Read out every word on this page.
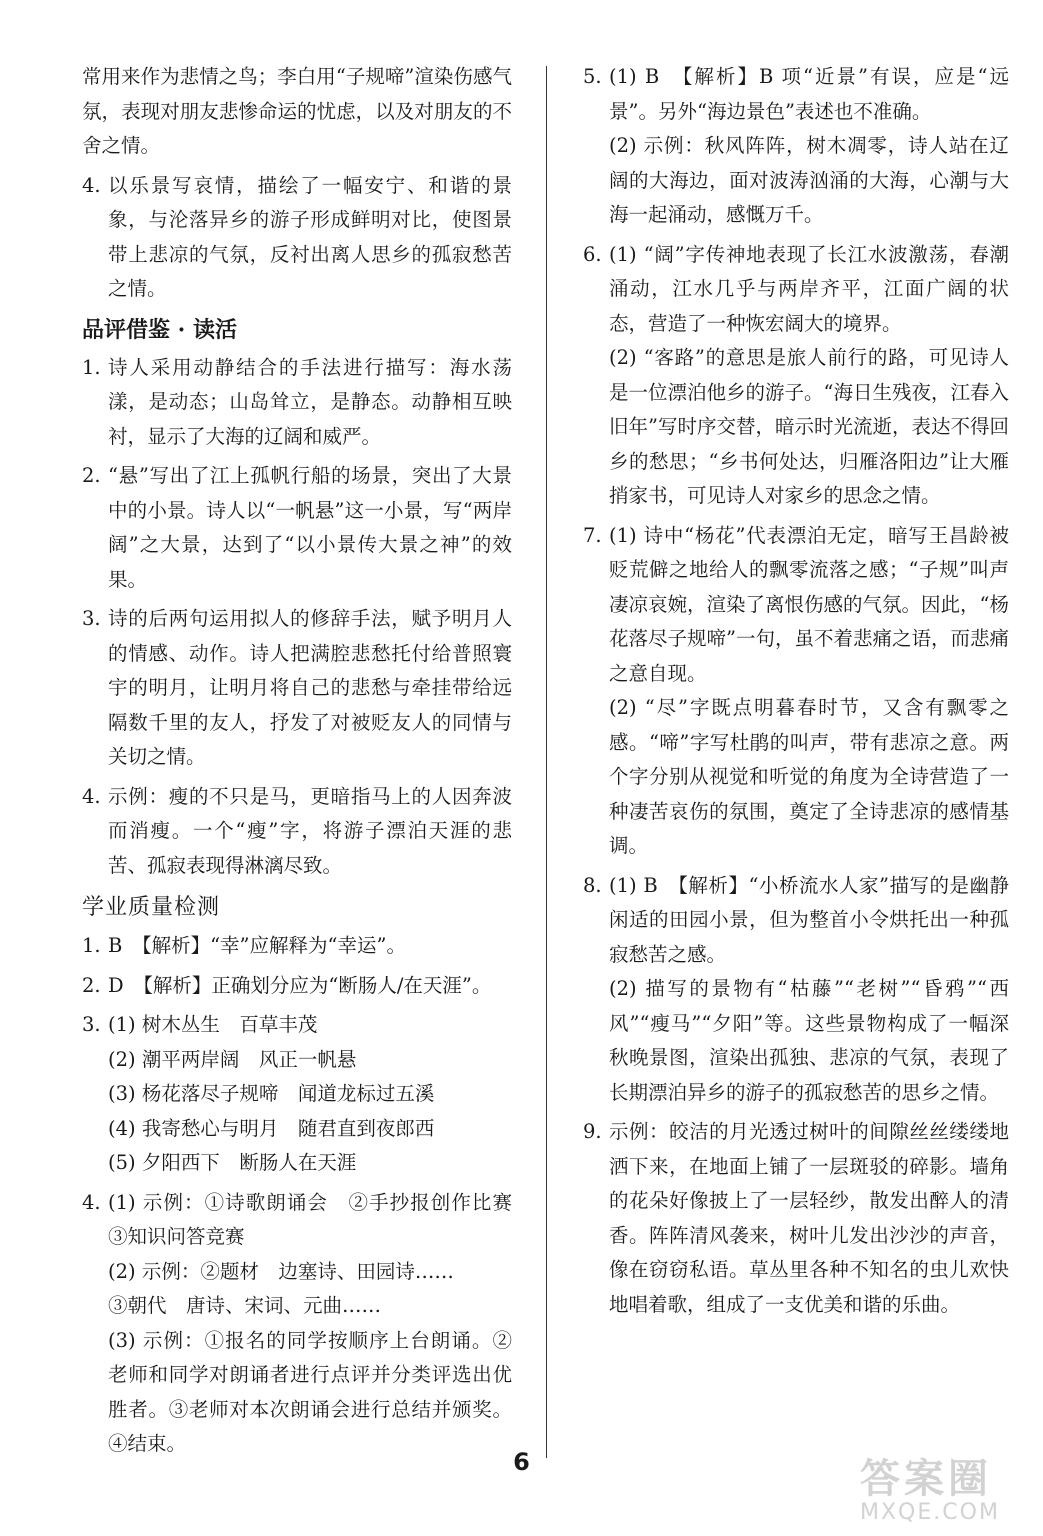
常用来作为悲情之鸟；李白用“子规啼”渲染伤感气氛，表现对朋友悲惨命运的忧虑，以及对朋友的不舍之情。

4. 以乐景写哀情，描绘了一幅安宁、和谐的景象，与沦落异乡的游子形成鲜明对比，使图景带上悲凉的气氛，反衬出离人思乡的孤寂愁苦之情。
品评借鉴 · 读活
1. 诗人采用动静结合的手法进行描写：海水荡漾，是动态；山岛耸立，是静态。动静相互映衬，显示了大海的辽阔和威严。
2. “悬”写出了江上孤帆行船的场景，突出了大景中的小景。诗人以“一帆悬”这一小景，写“两岸阔”之大景，达到了“以小景传大景之神”的效果。
3. 诗的后两句运用拟人的修辞手法，赋予明月人的情感、动作。诗人把满腔悲愁托付给普照寰宇的明月，让明月将自己的悲愁与牵挂带给远隔数千里的友人，抒发了对被贬友人的同情与关切之情。
4. 示例：瘦的不只是马，更暗指马上的人因奔波而消瘦。一个“瘦”字，将游子漂泊天涯的悲苦、孤寂表现得淋漓尽致。
学业质量检测
1. B　【解析】“幸”应解释为“幸运”。
2. D　【解析】正确划分应为“断肠人/在天涯”。
3. (1) 树木丛生　百草丰茂
(2) 潮平两岸阔　风正一帆悬
(3) 杨花落尽子规啼　闻道龙标过五溪
(4) 我寄愁心与明月　随君直到夜郎西
(5) 夕阳西下　断肠人在天涯
4. (1) 示例：①诗歌朗诵会　②手抄报创作比赛　③知识问答竞赛
(2) 示例：②题材　边塞诗、田园诗……
③朝代　唐诗、宋词、元曲……
(3) 示例：①报名的同学按顺序上台朗诵。②老师和同学对朗诵者进行点评并分类评选出优胜者。③老师对本次朗诵会进行总结并颁奖。④结束。
5. (1) B　【解析】B 项“近景”有误，应是“远景”。另外“海边景色”表述也不准确。
(2) 示例：秋风阵阵，树木凋零，诗人站在辽阔的大海边，面对波涛汹涌的大海，心潮与大海一起涌动，感慨万千。
6. (1) “阔”字传神地表现了长江水波激荡，春潮涌动，江水几乎与两岸齐平，江面广阔的状态，营造了一种恢宏阔大的境界。
(2) “客路”的意思是旅人前行的路，可见诗人是一位漂泊他乡的游子。“海日生残夜，江春入旧年”写时序交替，暗示时光流逝，表达不得回乡的愁思；“乡书何处达，归雁洛阳边”让大雁捎家书，可见诗人对家乡的思念之情。
7. (1) 诗中“杨花”代表漂泊无定，暗写王昌龄被贬荒僻之地给人的飘零流落之感；“子规”叫声凄凉哀婉，渲染了离恨伤感的气氛。因此，“杨花落尽子规啼”一句，虽不着悲痛之语，而悲痛之意自现。
(2) “尽”字既点明暮春时节，又含有飘零之感。“啼”字写杜鹃的叫声，带有悲凉之意。两个字分别从视觉和听觉的角度为全诗营造了一种凄苦哀伤的氛围，奠定了全诗悲凉的感情基调。
8. (1) B　【解析】“小桥流水人家”描写的是幽静闲适的田园小景，但为整首小令烘托出一种孤寂愁苦之感。
(2) 描写的景物有“枯藤”“老树”“昏鸦”“西风”“瘦马”“夕阳”等。这些景物构成了一幅深秋晚景图，渲染出孤独、悲凉的气氛，表现了长期漂泊异乡的游子的孤寂愁苦的思乡之情。
9. 示例：皎洁的月光透过树叶的间隙丝丝缕缕地洒下来，在地面上铺了一层斑驳的碎影。墙角的花朵好像披上了一层轻纱，散发出醉人的清香。阵阵清风袭来，树叶儿发出沙沙的声音，像在窃窃私语。草丛里各种不知名的虫儿欢快地唱着歌，组成了一支优美和谐的乐曲。
6	答案圈
MXQE.COM
